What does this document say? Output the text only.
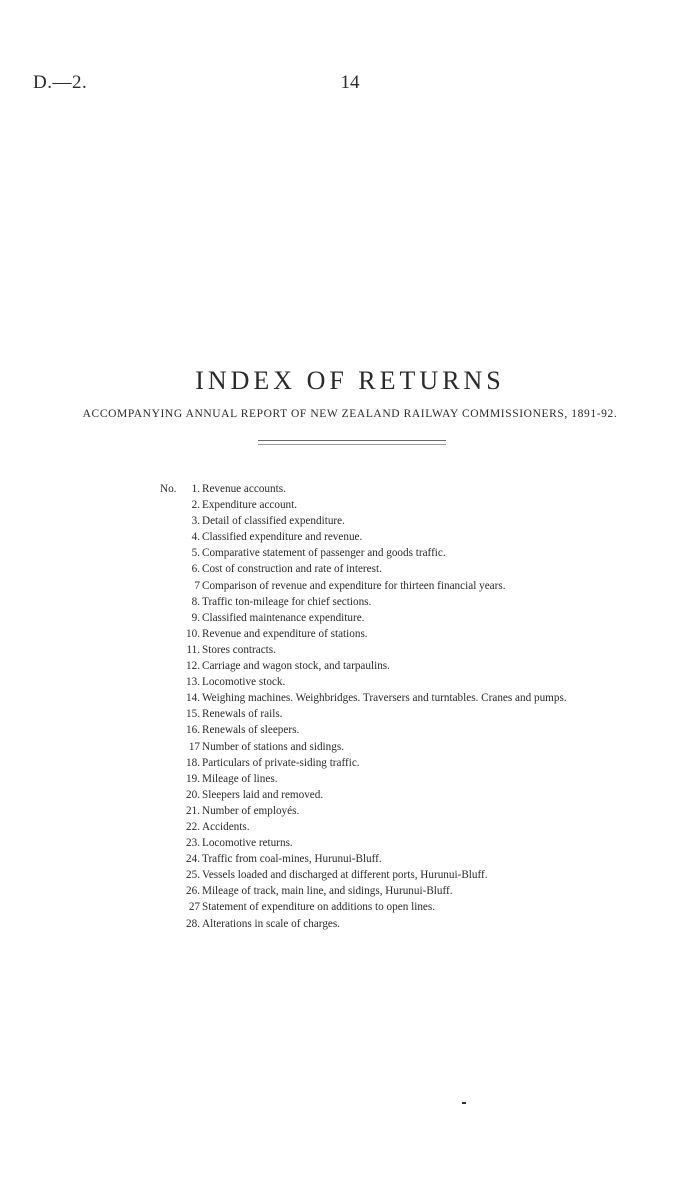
D.—2.	14
INDEX OF RETURNS
ACCOMPANYING ANNUAL REPORT OF NEW ZEALAND RAILWAY COMMISSIONERS, 1891-92.
No. 1. Revenue accounts.
2. Expenditure account.
3. Detail of classified expenditure.
4. Classified expenditure and revenue.
5. Comparative statement of passenger and goods traffic.
6. Cost of construction and rate of interest.
7 Comparison of revenue and expenditure for thirteen financial years.
8. Traffic ton-mileage for chief sections.
9. Classified maintenance expenditure.
10. Revenue and expenditure of stations.
11. Stores contracts.
12. Carriage and wagon stock, and tarpaulins.
13. Locomotive stock.
14. Weighing machines. Weighbridges. Traversers and turntables. Cranes and pumps.
15. Renewals of rails.
16. Renewals of sleepers.
17 Number of stations and sidings.
18. Particulars of private-siding traffic.
19. Mileage of lines.
20. Sleepers laid and removed.
21. Number of employés.
22. Accidents.
23. Locomotive returns.
24. Traffic from coal-mines, Hurunui-Bluff.
25. Vessels loaded and discharged at different ports, Hurunui-Bluff.
26. Mileage of track, main line, and sidings, Hurunui-Bluff.
27 Statement of expenditure on additions to open lines.
28. Alterations in scale of charges.
